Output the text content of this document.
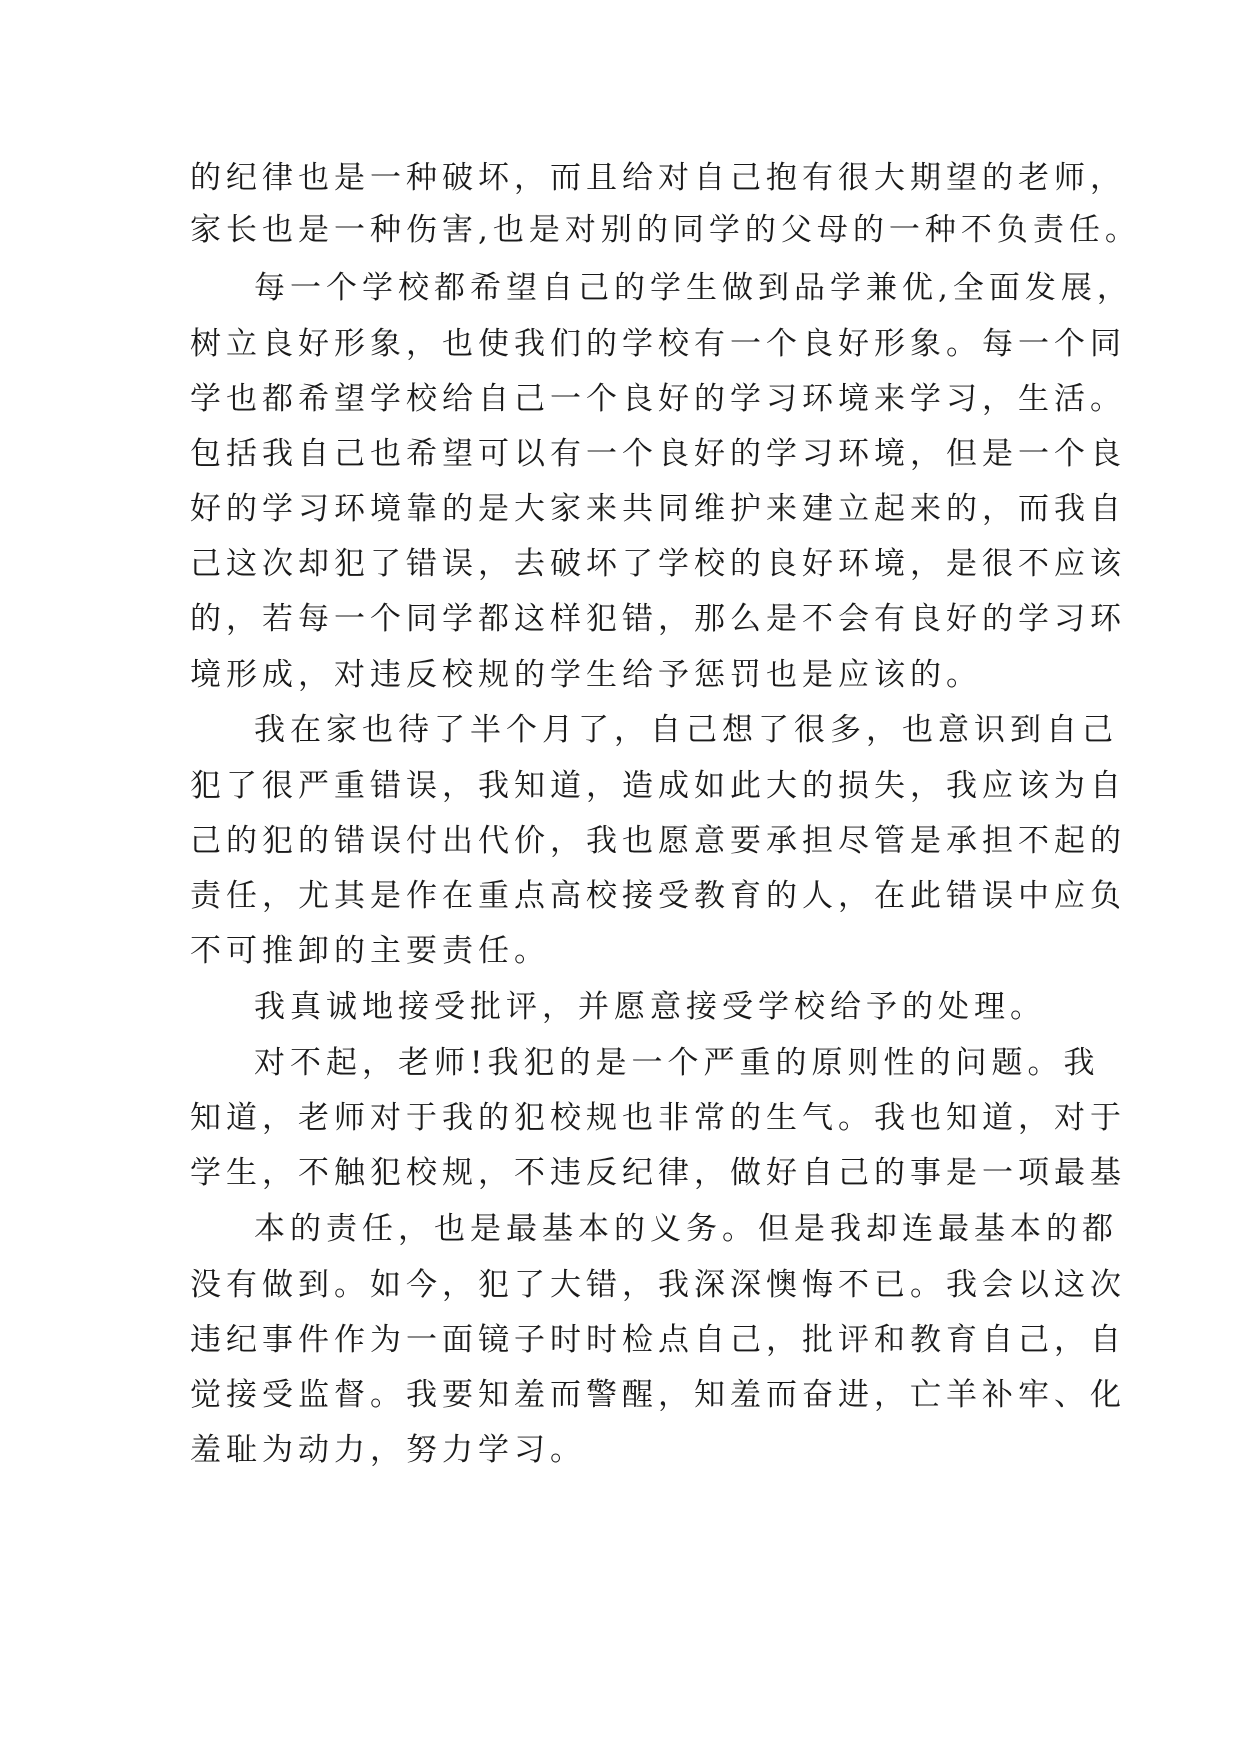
的纪律也是一种破坏，而且给对自己抱有很大期望的老师，
家长也是一种伤害,也是对别的同学的父母的一种不负责任。
每一个学校都希望自己的学生做到品学兼优,全面发展，
树立良好形象，也使我们的学校有一个良好形象。每一个同
学也都希望学校给自己一个良好的学习环境来学习，生活。
包括我自己也希望可以有一个良好的学习环境，但是一个良
好的学习环境靠的是大家来共同维护来建立起来的，而我自
己这次却犯了错误，去破坏了学校的良好环境，是很不应该
的，若每一个同学都这样犯错，那么是不会有良好的学习环
境形成，对违反校规的学生给予惩罚也是应该的。
我在家也待了半个月了，自己想了很多，也意识到自己
犯了很严重错误，我知道，造成如此大的损失，我应该为自
己的犯的错误付出代价，我也愿意要承担尽管是承担不起的
责任，尤其是作在重点高校接受教育的人，在此错误中应负
不可推卸的主要责任。
我真诚地接受批评，并愿意接受学校给予的处理。
对不起，老师!我犯的是一个严重的原则性的问题。我
知道，老师对于我的犯校规也非常的生气。我也知道，对于
学生，不触犯校规，不违反纪律，做好自己的事是一项最基
本的责任，也是最基本的义务。但是我却连最基本的都
没有做到。如今，犯了大错，我深深懊悔不已。我会以这次
违纪事件作为一面镜子时时检点自己，批评和教育自己，自
觉接受监督。我要知羞而警醒，知羞而奋进，亡羊补牢、化
羞耻为动力，努力学习。
